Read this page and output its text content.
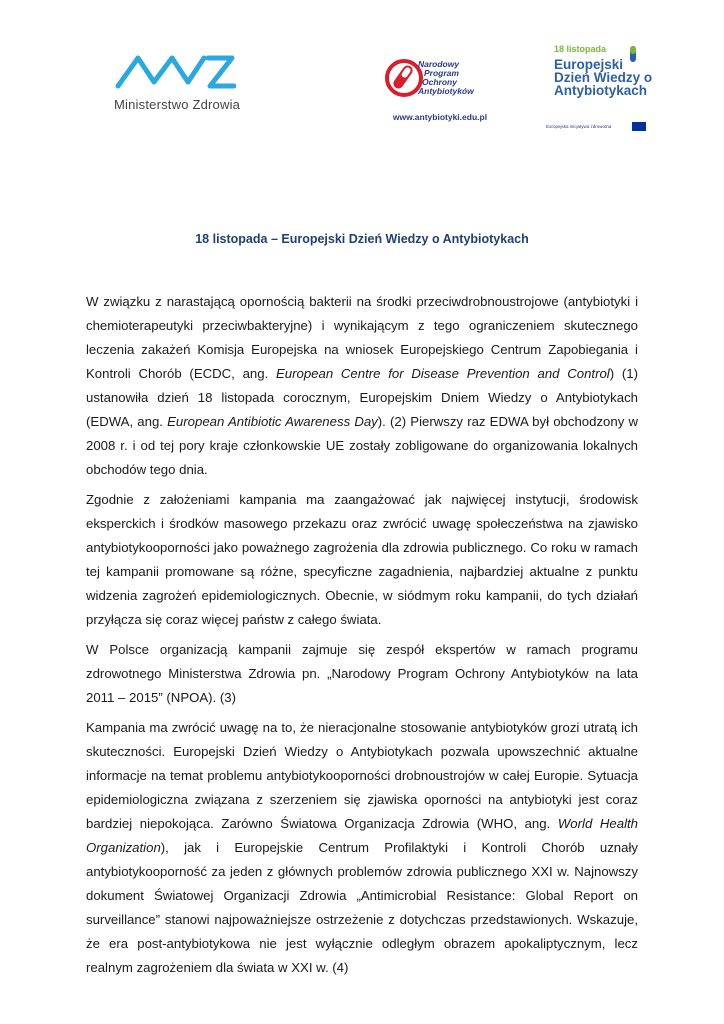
Ministerstwo Zdrowia
Narodowy
Program
Ochrony
Antybiotyków
www.antybiotyki.edu.pl
18 listopada
Europejski
Dzień Wiedzy o
Antybiotykach
Europejska inicjatywa zdrowotna
18 listopada – Europejski Dzień Wiedzy o Antybiotykach

W związku z narastającą opornością bakterii na środki przeciwdrobnoustrojowe (antybiotyki i chemioterapeutyki przeciwbakteryjne) i wynikającym z tego ograniczeniem skutecznego leczenia zakażeń Komisja Europejska na wniosek Europejskiego Centrum Zapobiegania i Kontroli Chorób (ECDC, ang. European Centre for Disease Prevention and Control) (1) ustanowiła dzień 18 listopada corocznym, Europejskim Dniem Wiedzy o Antybiotykach (EDWA, ang. European Antibiotic Awareness Day). (2) Pierwszy raz EDWA był obchodzony w 2008 r. i od tej pory kraje członkowskie UE zostały zobligowane do organizowania lokalnych obchodów tego dnia.

Zgodnie z założeniami kampania ma zaangażować jak najwięcej instytucji, środowisk eksperckich i środków masowego przekazu oraz zwrócić uwagę społeczeństwa na zjawisko antybiotykooporności jako poważnego zagrożenia dla zdrowia publicznego. Co roku w ramach tej kampanii promowane są różne, specyficzne zagadnienia, najbardziej aktualne z punktu widzenia zagrożeń epidemiologicznych. Obecnie, w siódmym roku kampanii, do tych działań przyłącza się coraz więcej państw z całego świata.

W Polsce organizacją kampanii zajmuje się zespół ekspertów w ramach programu zdrowotnego Ministerstwa Zdrowia pn. „Narodowy Program Ochrony Antybiotyków na lata 2011 – 2015” (NPOA). (3)

Kampania ma zwrócić uwagę na to, że nieracjonalne stosowanie antybiotyków grozi utratą ich skuteczności. Europejski Dzień Wiedzy o Antybiotykach pozwala upowszechnić aktualne informacje na temat problemu antybiotykooporności drobnoustrojów w całej Europie. Sytuacja epidemiologiczna związana z szerzeniem się zjawiska oporności na antybiotyki jest coraz bardziej niepokojąca. Zarówno Światowa Organizacja Zdrowia (WHO, ang. World Health Organization), jak i Europejskie Centrum Profilaktyki i Kontroli Chorób uznały antybiotykooporność za jeden z głównych problemów zdrowia publicznego XXI w. Najnowszy dokument Światowej Organizacji Zdrowia „Antimicrobial Resistance: Global Report on surveillance” stanowi najpoważniejsze ostrzeżenie z dotychczas przedstawionych. Wskazuje, że era post-antybiotykowa nie jest wyłącznie odległym obrazem apokaliptycznym, lecz realnym zagrożeniem dla świata w XXI w. (4)
